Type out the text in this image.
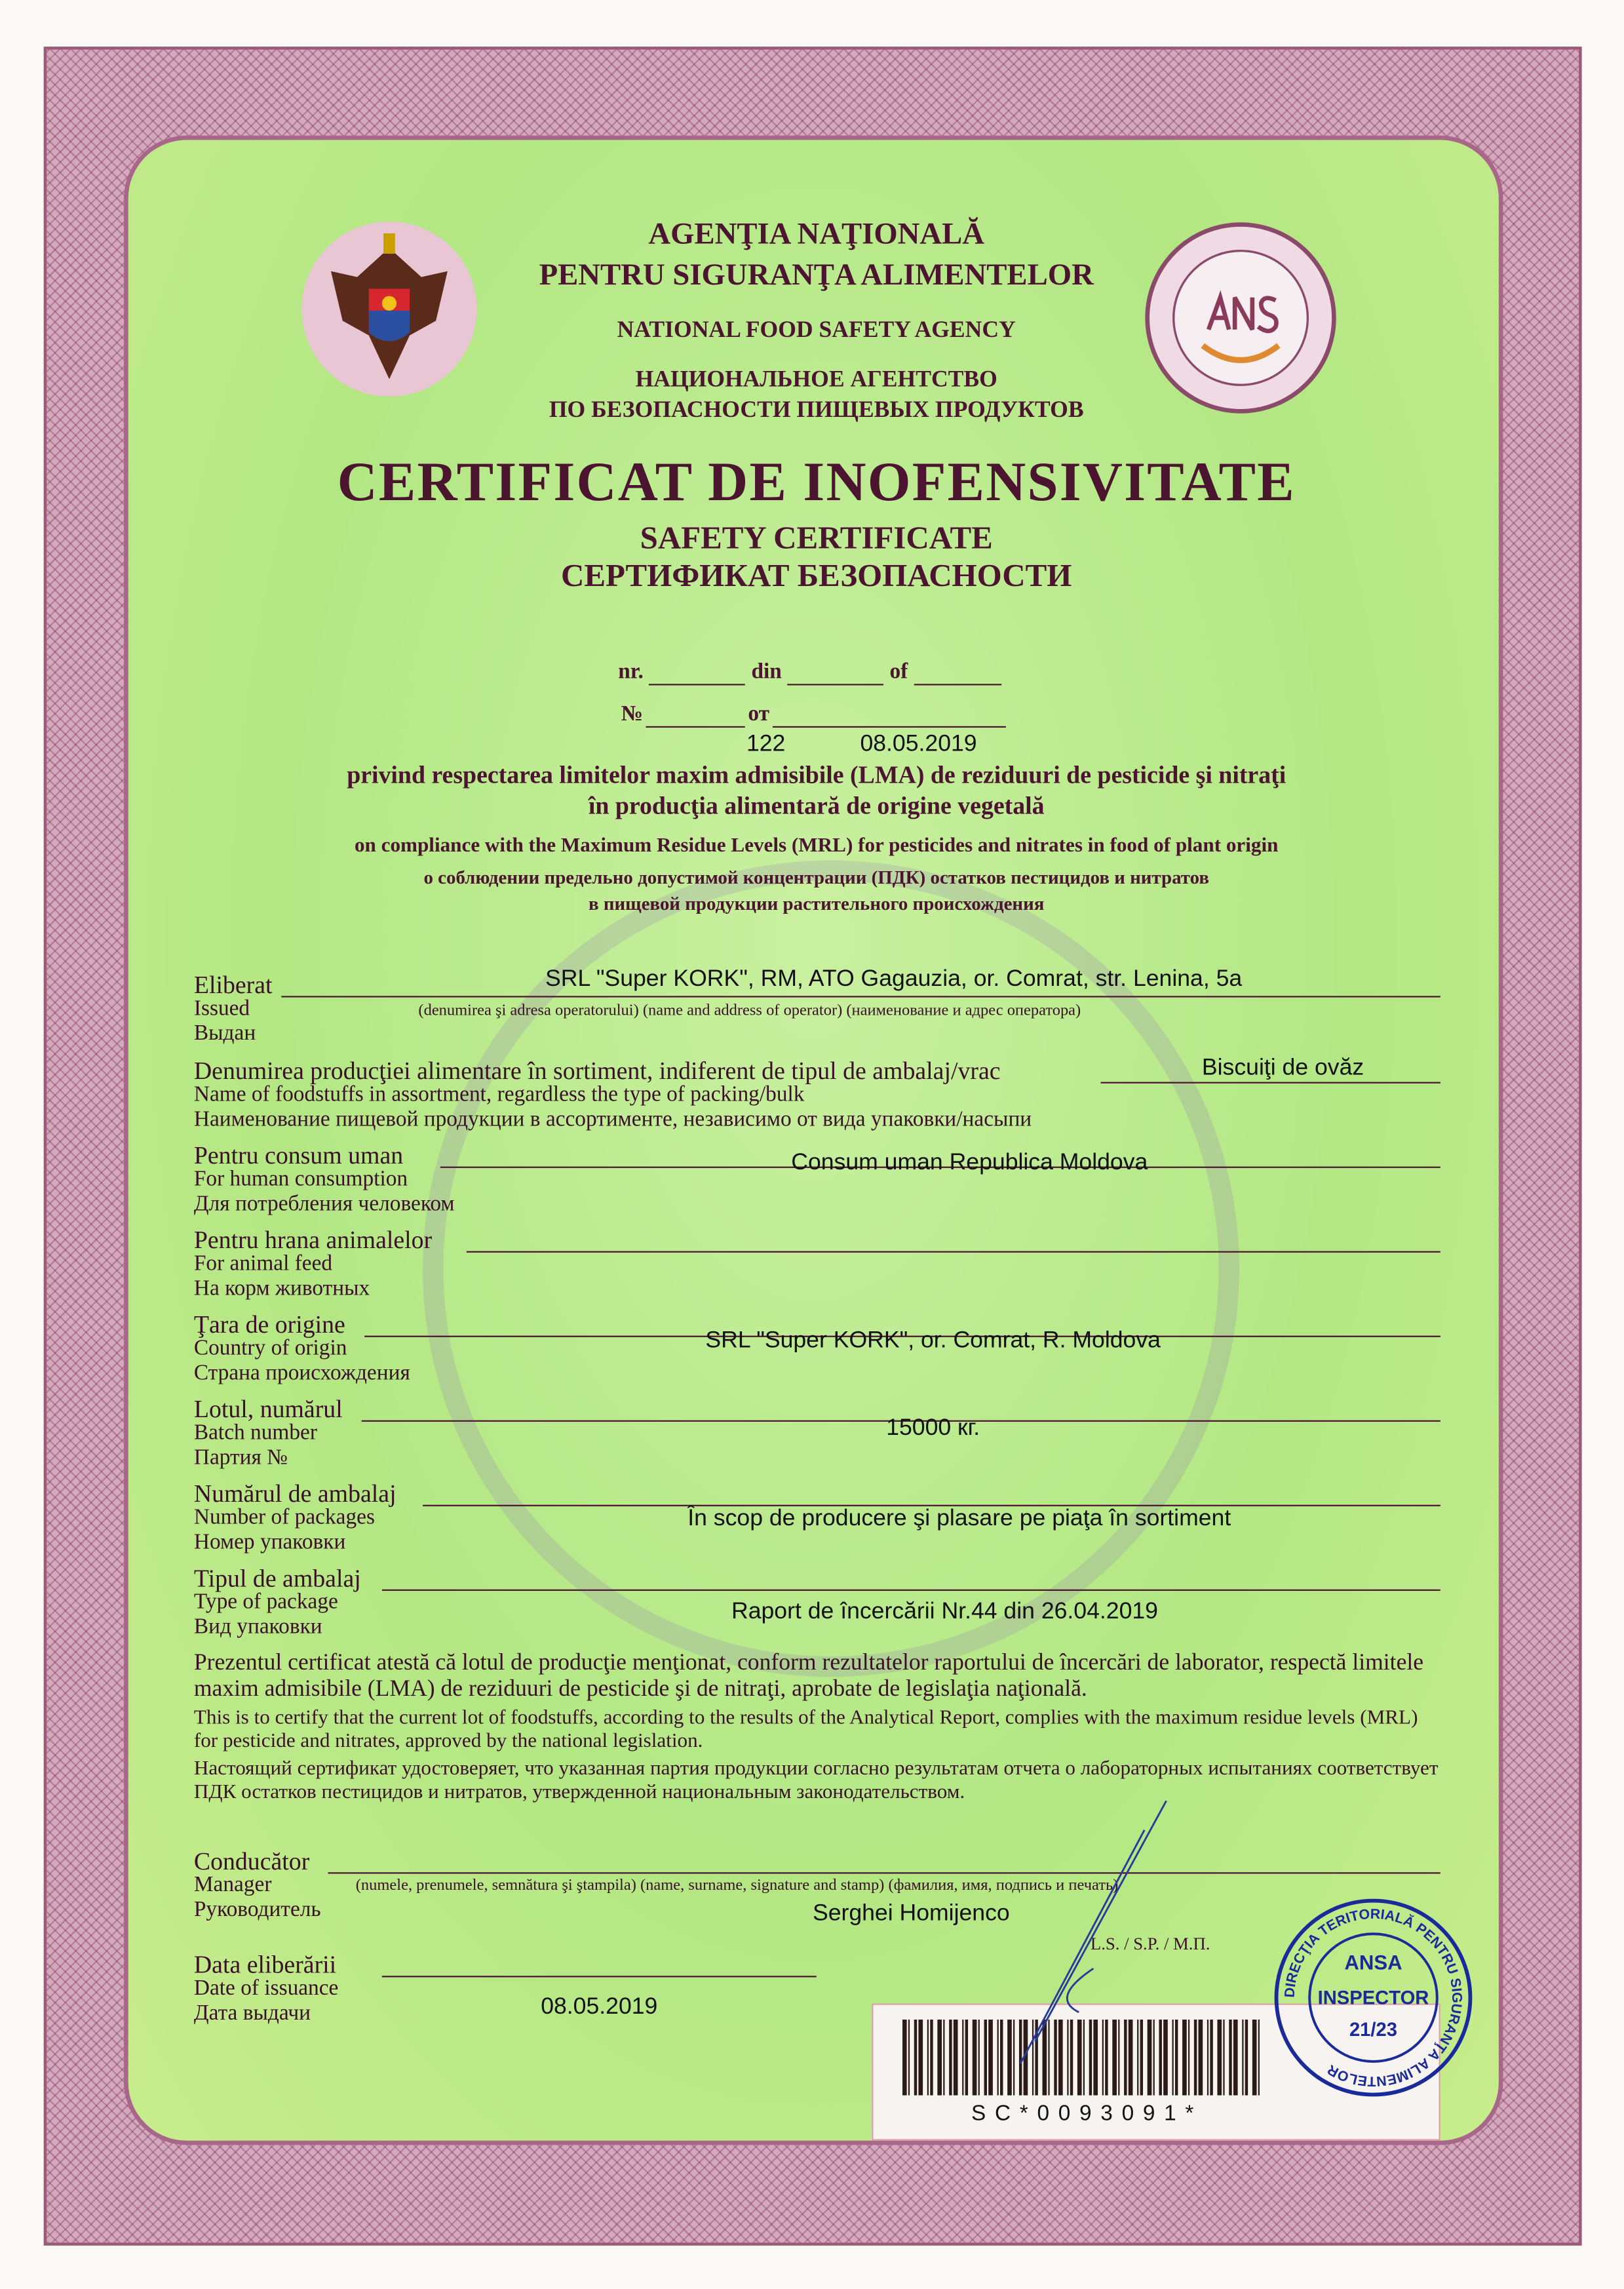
AGENŢIA NAŢIONALĂ
PENTRU SIGURANŢA ALIMENTELOR
NATIONAL FOOD SAFETY AGENCY
НАЦИОНАЛЬНОЕ АГЕНТСТВО
ПО БЕЗОПАСНОСТИ ПИЩЕВЫХ ПРОДУКТОВ
CERTIFICAT DE INOFENSIVITATE
SAFETY CERTIFICATE
СЕРТИФИКАТ БЕЗОПАСНОСТИ
nr.	din	of
№	от
122	08.05.2019
privind respectarea limitelor maxim admisibile (LMA) de reziduuri de pesticide şi nitraţi
în producţia alimentară de origine vegetală
on compliance with the Maximum Residue Levels (MRL) for pesticides and nitrates in food of plant origin
о соблюдении предельно допустимой концентрации (ПДК) остатков пестицидов и нитратов
в пищевой продукции растительного происхождения
Eliberat
Issued
Выдан
SRL "Super KORK", RM, ATO Gagauzia, or. Comrat, str. Lenina, 5a
(denumirea şi adresa operatorului) (name and address of operator) (наименование и адрес оператора)
Denumirea producţiei alimentare în sortiment, indiferent de tipul de ambalaj/vrac
Name of foodstuffs in assortment, regardless the type of packing/bulk
Наименование пищевой продукции в ассортименте, независимо от вида упаковки/насыпи
Biscuiţi de ovăz
Pentru consum uman
For human consumption
Для потребления человеком
Consum uman Republica Moldova
Pentru hrana animalelor
For animal feed
На корм животных
Ţara de origine
Country of origin
Страна происхождения
SRL "Super KORK", or. Comrat, R. Moldova
Lotul, numărul
Batch number
Партия №
15000 кг.
Numărul de ambalaj
Number of packages
Номер упаковки
În scop de producere şi plasare pe piaţa în sortiment
Tipul de ambalaj
Type of package
Вид упаковки
Raport de încercării Nr.44 din 26.04.2019
Prezentul certificat atestă că lotul de producţie menţionat, conform rezultatelor raportului de încercări de laborator, respectă limitele maxim admisibile (LMA) de reziduuri de pesticide şi de nitraţi, aprobate de legislaţia naţională.
This is to certify that the current lot of foodstuffs, according to the results of the Analytical Report, complies with the maximum residue levels (MRL) for pesticide and nitrates, approved by the national legislation.
Настоящий сертификат удостоверяет, что указанная партия продукции согласно результатам отчета о лабораторных испытаниях соответствует ПДК остатков пестицидов и нитратов, утвержденной национальным законодательством.
Conducător
Manager
Руководитель
(numele, prenumele, semnătura şi ştampila) (name, surname, signature and stamp) (фамилия, имя, подпись и печать)
Serghei Homijenco
L.S. / S.P. / М.П.
Data eliberării
Date of issuance
Дата выдачи	08.05.2019
S C * 0 0 9 3 0 9 1 *
DIRECŢIA TERITORIALĂ PENTRU SIGURANŢA ALIMENTELOR
ANSA
INSPECTOR
21/23
